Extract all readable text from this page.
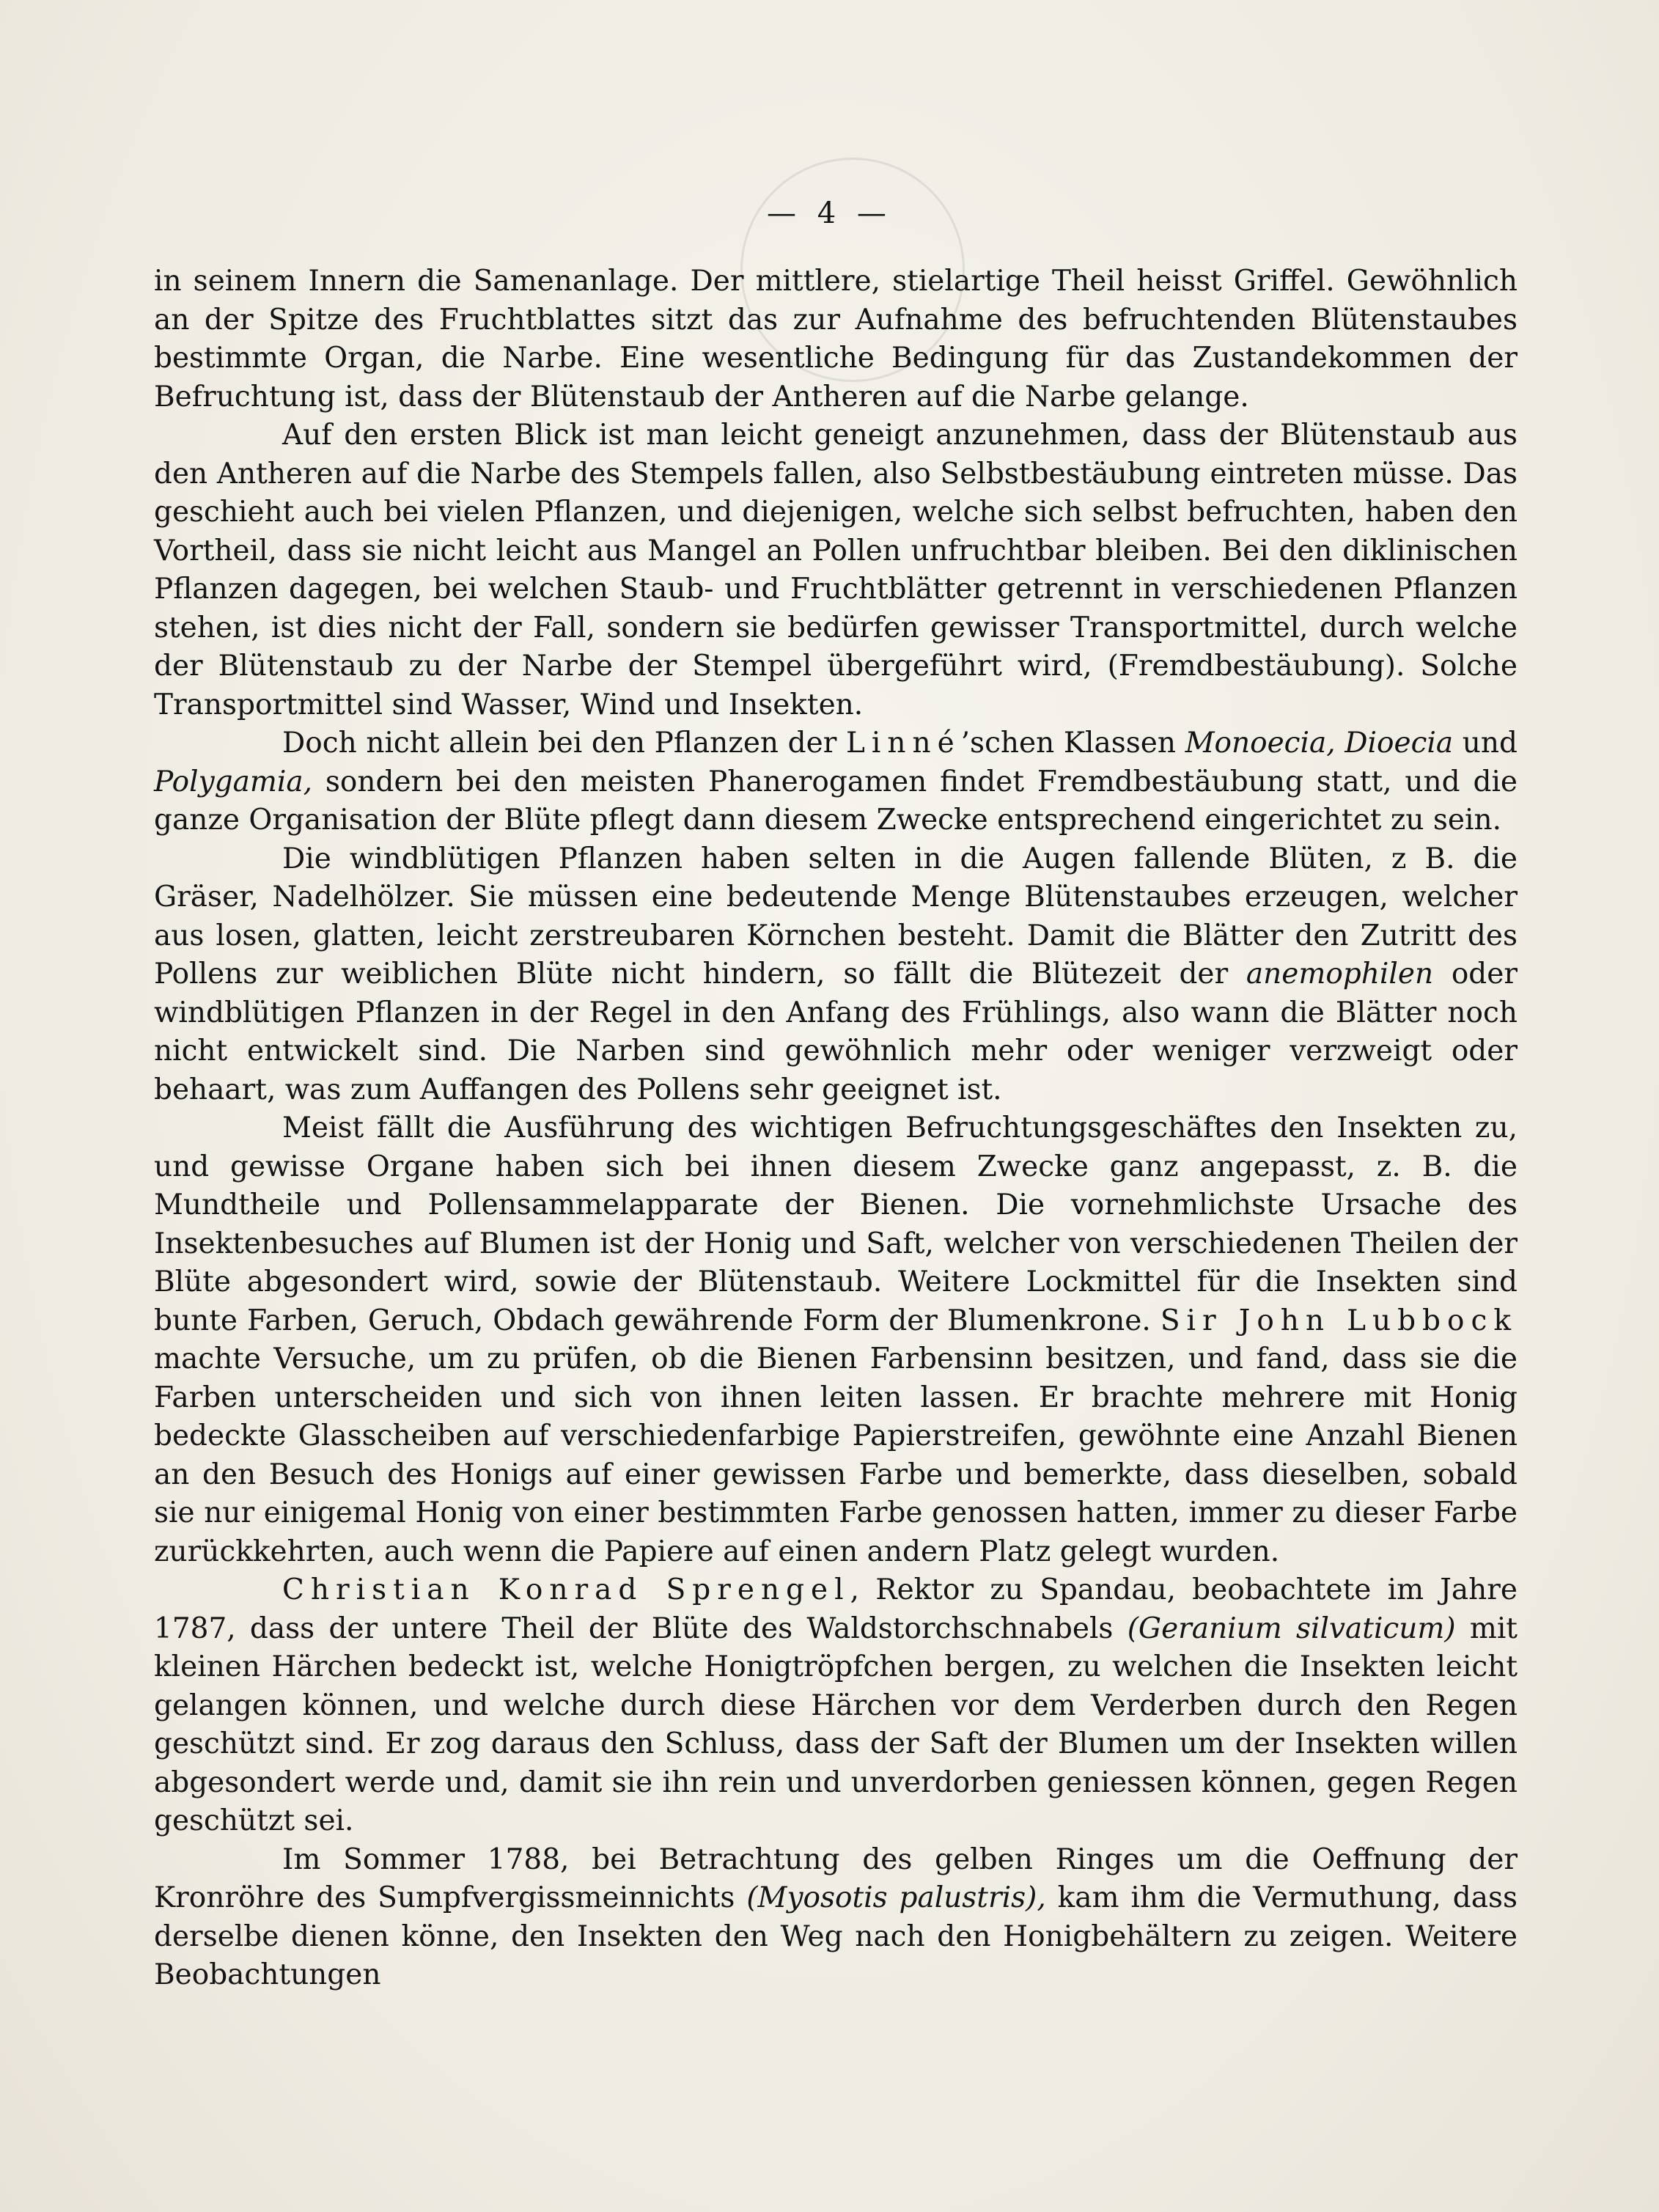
— 4 —

in seinem Innern die Samenanlage. Der mittlere, stielartige Theil heisst Griffel. Gewöhnlich an der Spitze des Fruchtblattes sitzt das zur Aufnahme des befruchtenden Blütenstaubes bestimmte Organ, die Narbe. Eine wesentliche Bedingung für das Zustandekommen der Befruchtung ist, dass der Blütenstaub der Antheren auf die Narbe gelange.

Auf den ersten Blick ist man leicht geneigt anzunehmen, dass der Blütenstaub aus den Antheren auf die Narbe des Stempels fallen, also Selbstbestäubung eintreten müsse. Das geschieht auch bei vielen Pflanzen, und diejenigen, welche sich selbst befruchten, haben den Vortheil, dass sie nicht leicht aus Mangel an Pollen unfruchtbar bleiben. Bei den diklinischen Pflanzen dagegen, bei welchen Staub- und Fruchtblätter getrennt in verschiedenen Pflanzen stehen, ist dies nicht der Fall, sondern sie bedürfen gewisser Transportmittel, durch welche der Blütenstaub zu der Narbe der Stempel übergeführt wird, (Fremdbestäubung). Solche Transportmittel sind Wasser, Wind und Insekten.

Doch nicht allein bei den Pflanzen der Linné’schen Klassen Monoecia, Dioecia und Polygamia, sondern bei den meisten Phanerogamen findet Fremdbestäubung statt, und die ganze Organisation der Blüte pflegt dann diesem Zwecke entsprechend eingerichtet zu sein.

Die windblütigen Pflanzen haben selten in die Augen fallende Blüten, z B. die Gräser, Nadelhölzer. Sie müssen eine bedeutende Menge Blütenstaubes erzeugen, welcher aus losen, glatten, leicht zerstreubaren Körnchen besteht. Damit die Blätter den Zutritt des Pollens zur weiblichen Blüte nicht hindern, so fällt die Blütezeit der anemophilen oder windblütigen Pflanzen in der Regel in den Anfang des Frühlings, also wann die Blätter noch nicht entwickelt sind. Die Narben sind gewöhnlich mehr oder weniger verzweigt oder behaart, was zum Auffangen des Pollens sehr geeignet ist.

Meist fällt die Ausführung des wichtigen Befruchtungsgeschäftes den Insekten zu, und gewisse Organe haben sich bei ihnen diesem Zwecke ganz angepasst, z. B. die Mundtheile und Pollensammelapparate der Bienen. Die vornehmlichste Ursache des Insektenbesuches auf Blumen ist der Honig und Saft, welcher von verschiedenen Theilen der Blüte abgesondert wird, sowie der Blütenstaub. Weitere Lockmittel für die Insekten sind bunte Farben, Geruch, Obdach gewährende Form der Blumenkrone. Sir John Lubbock machte Versuche, um zu prüfen, ob die Bienen Farbensinn besitzen, und fand, dass sie die Farben unterscheiden und sich von ihnen leiten lassen. Er brachte mehrere mit Honig bedeckte Glasscheiben auf verschiedenfarbige Papierstreifen, gewöhnte eine Anzahl Bienen an den Besuch des Honigs auf einer gewissen Farbe und bemerkte, dass dieselben, sobald sie nur einigemal Honig von einer bestimmten Farbe genossen hatten, immer zu dieser Farbe zurückkehrten, auch wenn die Papiere auf einen andern Platz gelegt wurden.

Christian Konrad Sprengel, Rektor zu Spandau, beobachtete im Jahre 1787, dass der untere Theil der Blüte des Waldstorchschnabels (Geranium silvaticum) mit kleinen Härchen bedeckt ist, welche Honigtröpfchen bergen, zu welchen die Insekten leicht gelangen können, und welche durch diese Härchen vor dem Verderben durch den Regen geschützt sind. Er zog daraus den Schluss, dass der Saft der Blumen um der Insekten willen abgesondert werde und, damit sie ihn rein und unverdorben geniessen können, gegen Regen geschützt sei.

Im Sommer 1788, bei Betrachtung des gelben Ringes um die Oeffnung der Kronröhre des Sumpfvergissmeinnichts (Myosotis palustris), kam ihm die Vermuthung, dass derselbe dienen könne, den Insekten den Weg nach den Honigbehältern zu zeigen. Weitere Beobachtungen
